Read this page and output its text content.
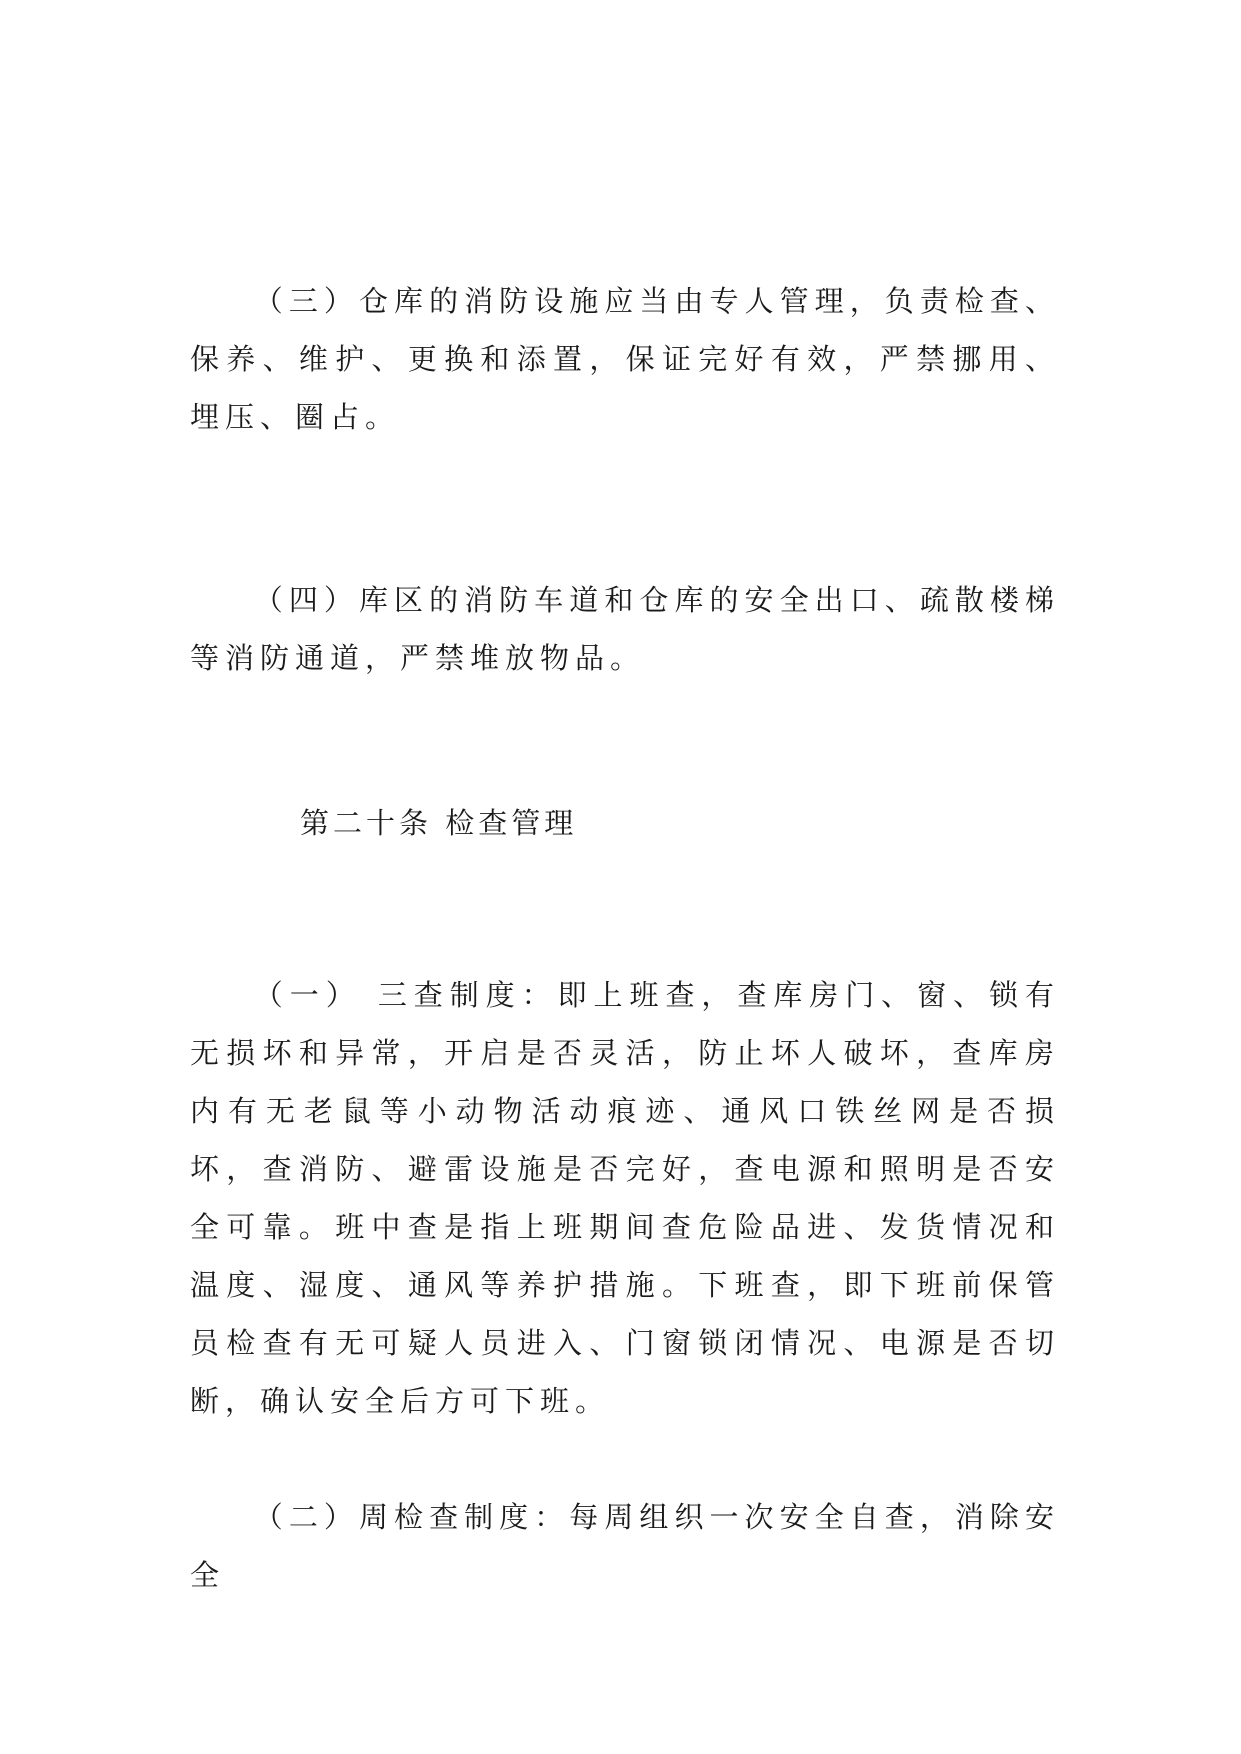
（三）仓库的消防设施应当由专人管理，负责检查、保养、维护、更换和添置，保证完好有效，严禁挪用、埋压、圈占。

（四）库区的消防车道和仓库的安全出口、疏散楼梯等消防通道，严禁堆放物品。

第二十条 检查管理

（一） 三查制度：即上班查，查库房门、窗、锁有无损坏和异常，开启是否灵活，防止坏人破坏，查库房内有无老鼠等小动物活动痕迹、通风口铁丝网是否损坏，查消防、避雷设施是否完好，查电源和照明是否安全可靠。班中查是指上班期间查危险品进、发货情况和温度、湿度、通风等养护措施。下班查，即下班前保管员检查有无可疑人员进入、门窗锁闭情况、电源是否切断，确认安全后方可下班。

（二）周检查制度：每周组织一次安全自查，消除安全
